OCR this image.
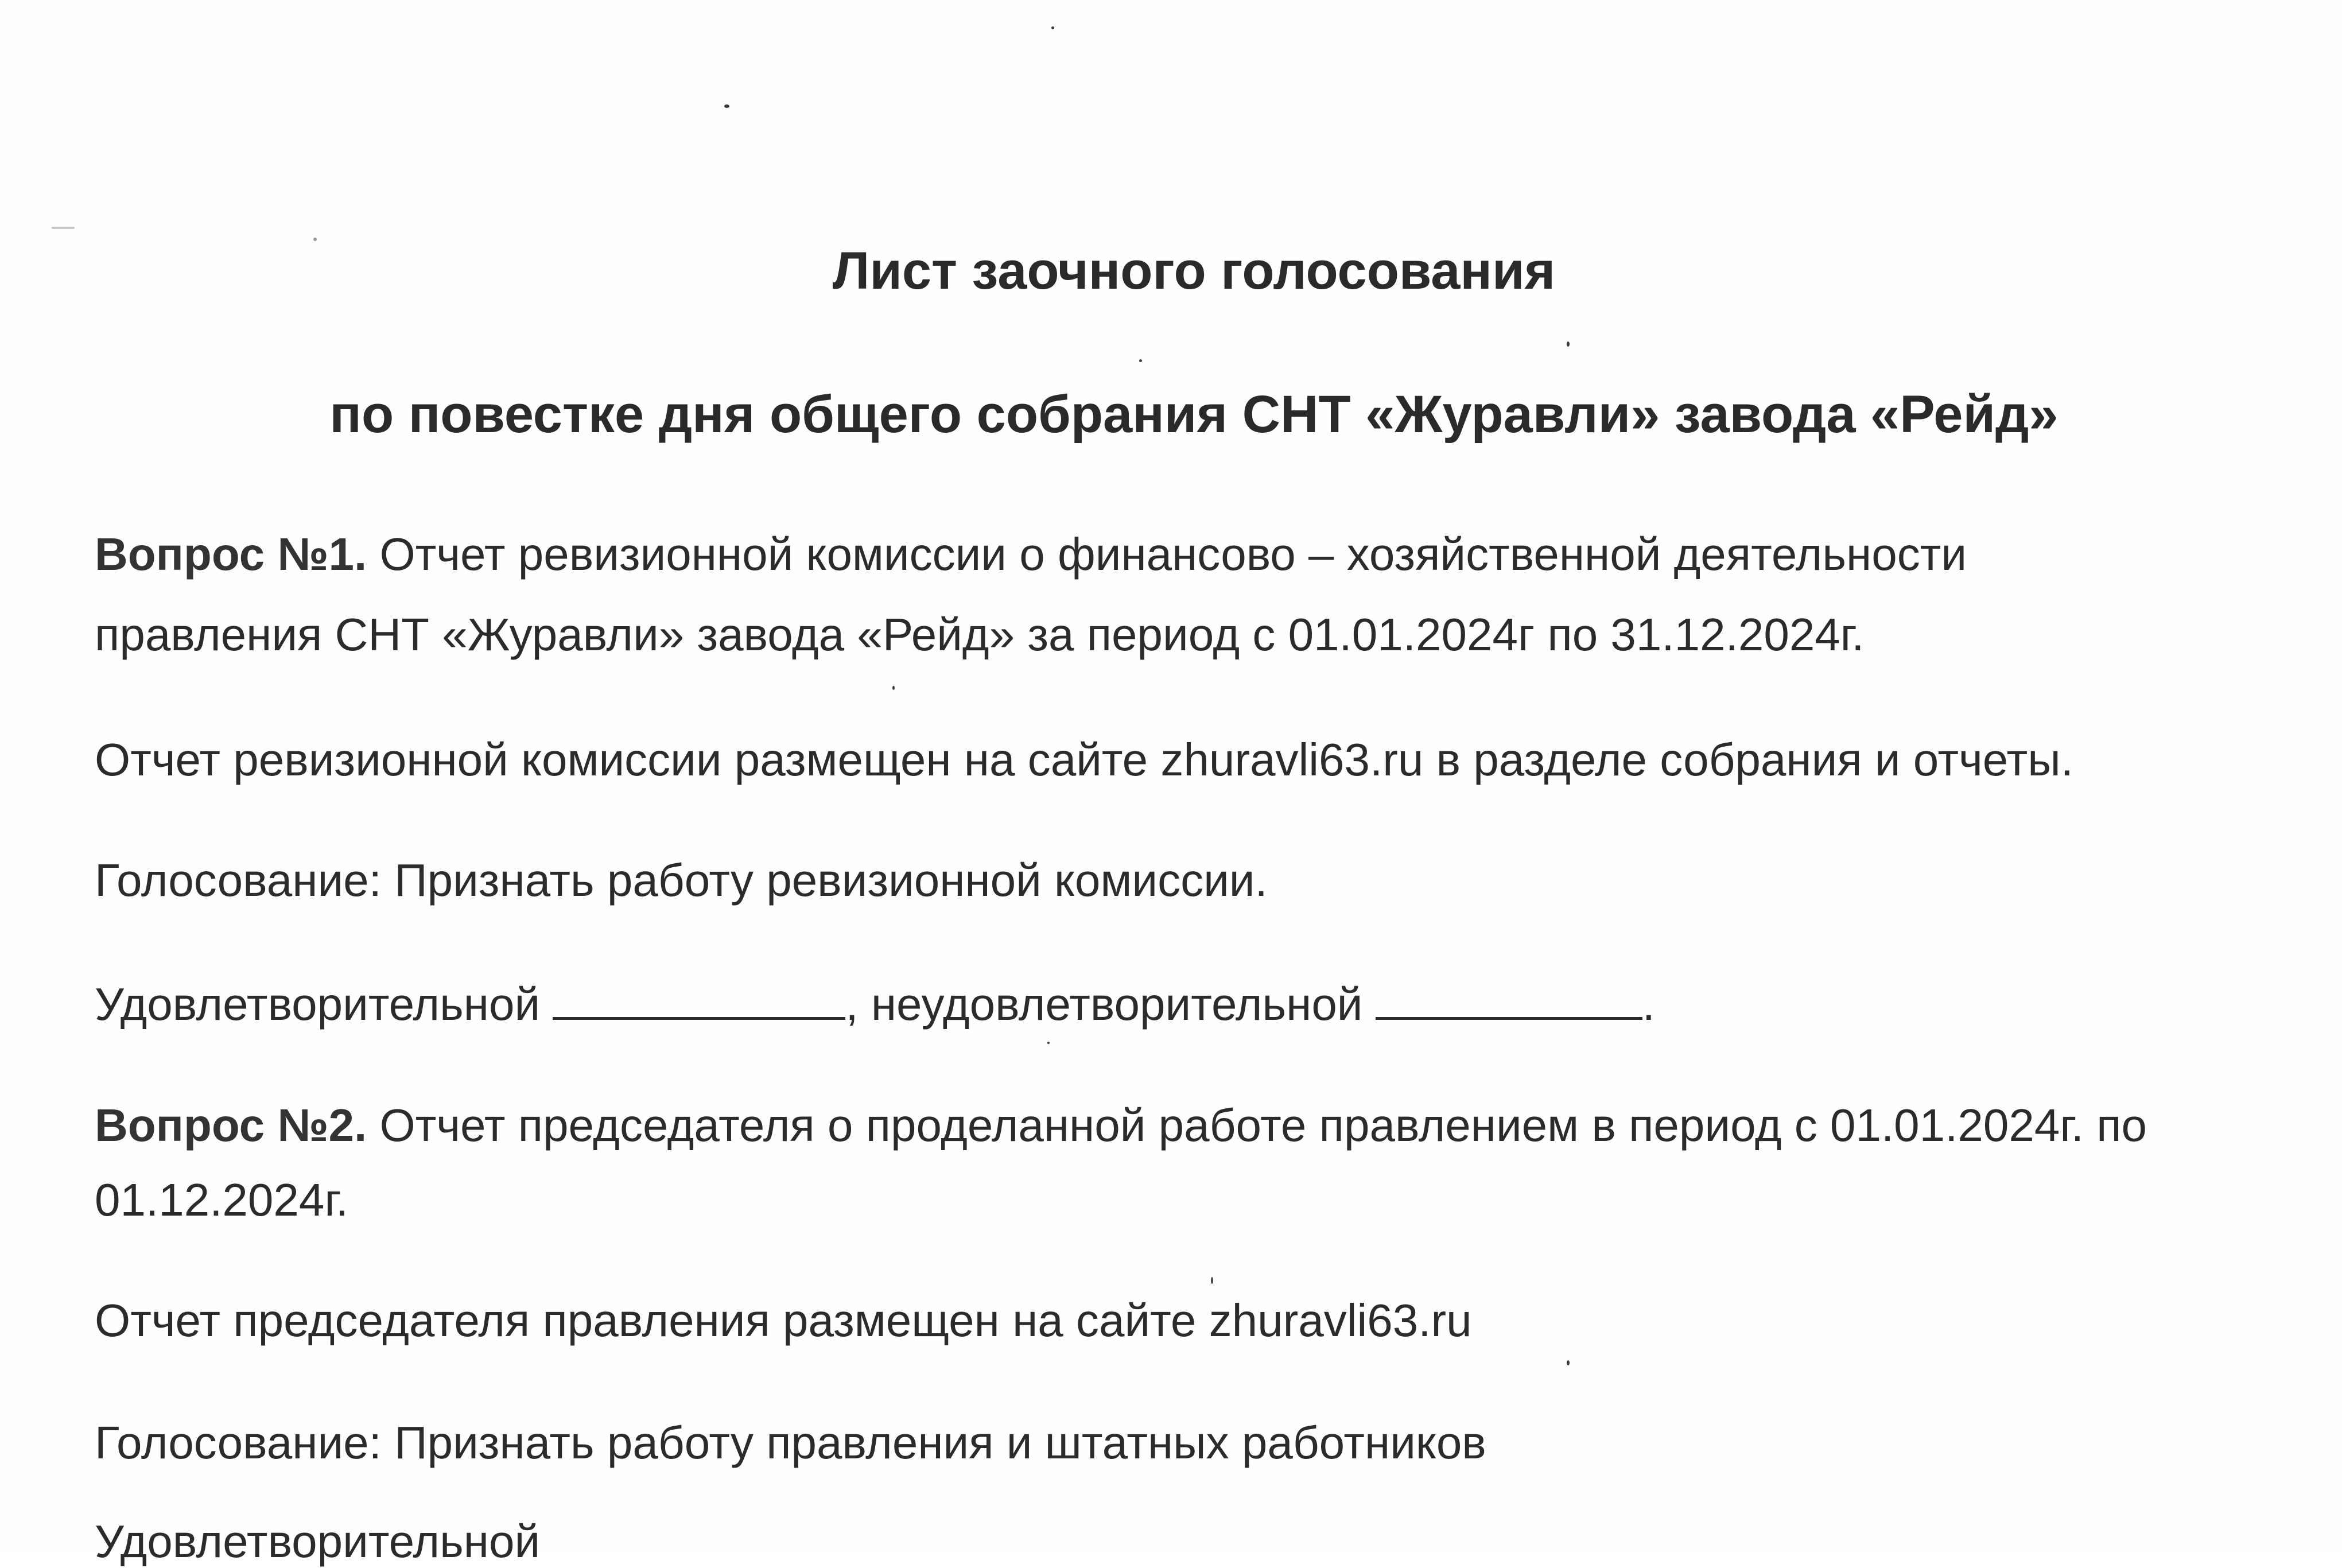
Лист заочного голосования
по повестке дня общего собрания СНТ «Журавли» завода «Рейд»
Вопрос №1. Отчет ревизионной комиссии о финансово – хозяйственной деятельности
правления СНТ «Журавли» завода «Рейд» за период с 01.01.2024г по 31.12.2024г.
Отчет ревизионной комиссии размещен на сайте zhuravli63.ru в разделе собрания и отчеты.
Голосование: Признать работу ревизионной комиссии.
Удовлетворительной	, неудовлетворительной	.
Вопрос №2. Отчет председателя о проделанной работе правлением в период с 01.01.2024г. по
01.12.2024г.
Отчет председателя правления размещен на сайте zhuravli63.ru
Голосование: Признать работу правления и штатных работников
Удовлетворительной
